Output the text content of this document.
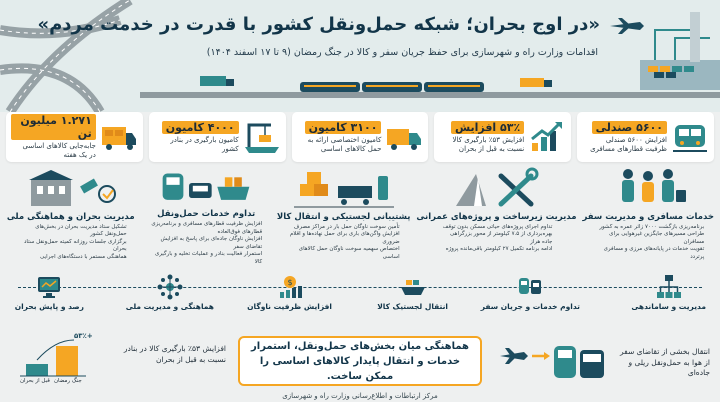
«در اوج بحران؛ شبکه حمل‌ونقل کشور با قدرت در خدمت مردم»
اقدامات وزارت راه و شهرسازی برای حفظ جریان سفر و کالا در جنگ رمضان (۹ تا ۱۷ اسفند ۱۴۰۴)
۵۶۰۰ صندلی
افزایش ۵۶۰۰ صندلی ظرفیت قطارهای مسافری
۵۳٪ افزایش
افزایش ۵۳٪ بارگیری کالا نسبت به قبل از بحران
۳۱۰۰ کامیون
کامیون اختصاصی ارائه به حمل کالاهای اساسی
۴۰۰۰ کامیون
کامیون بارگیری در بنادر کشور
۱.۲۷۱ میلیون تن
جابه‌جایی کالاهای اساسی در یک هفته
خدمات مسافری و مدیریت سفر
برنامه‌ریزی بازگشت ۷۰۰۰ زائر عمره به کشور
طراحی مسیرهای جایگزین غیرهوایی برای مسافران
تقویت خدمات در پایانه‌های مرزی و مسافری پرتردد
مدیریت زیرساخت و پروژه‌های عمرانی
تداوم اجرای پروژه‌های حیاتی مسکن بدون توقف
بهره‌برداری از ۷.۵ کیلومتر از محور بزرگراهی جاده هراز
ادامه برنامه تکمیل ۲۷ کیلومتر باقی‌مانده پروژه
پشتیبانی لجستیکی و انتقال کالا
تأمین سوخت ناوگان حمل بار در مراکز مصرف
افزایش واگن‌های باری برای حمل نهاده‌ها و اقلام ضروری
اختصاص سهمیه سوخت ناوگان حمل کالاهای اساسی
تداوم خدمات حمل‌ونقل
افزایش ظرفیت قطارهای مسافری و برنامه‌ریزی قطارهای فوق‌العاده
افزایش ناوگان جاده‌ای برای پاسخ به افزایش تقاضای سفر
استمرار فعالیت بنادر و عملیات تخلیه و بارگیری کالا
مدیریت بحران و هماهنگی ملی
تشکیل ستاد مدیریت بحران در بخش‌های حمل‌ونقل کشور
برگزاری جلسات روزانه کمیته حمل‌ونقل ستاد بحران
هماهنگی مستمر با دستگاه‌های اجرایی
مدیریت و ساماندهی
تداوم خدمات و جریان سفر
انتقال لجستیک کالا
$
افزایش ظرفیت ناوگان
هماهنگی و مدیریت ملی
رصد و پایش بحران
انتقال بخشی از تقاضای سفر از هوا به حمل‌ونقل ریلی و جاده‌ای
هماهنگی میان بخش‌های حمل‌ونقل، استمرار خدمات و انتقال پایدار کالاهای اساسی را ممکن ساخت.
+۵۳٪
قبل از بحران جنگ رمضان
افزایش ۵۳٪ بارگیری کالا در بنادر نسبت به قبل از بحران
مرکز ارتباطات و اطلاع‌رسانی وزارت راه و شهرسازی
